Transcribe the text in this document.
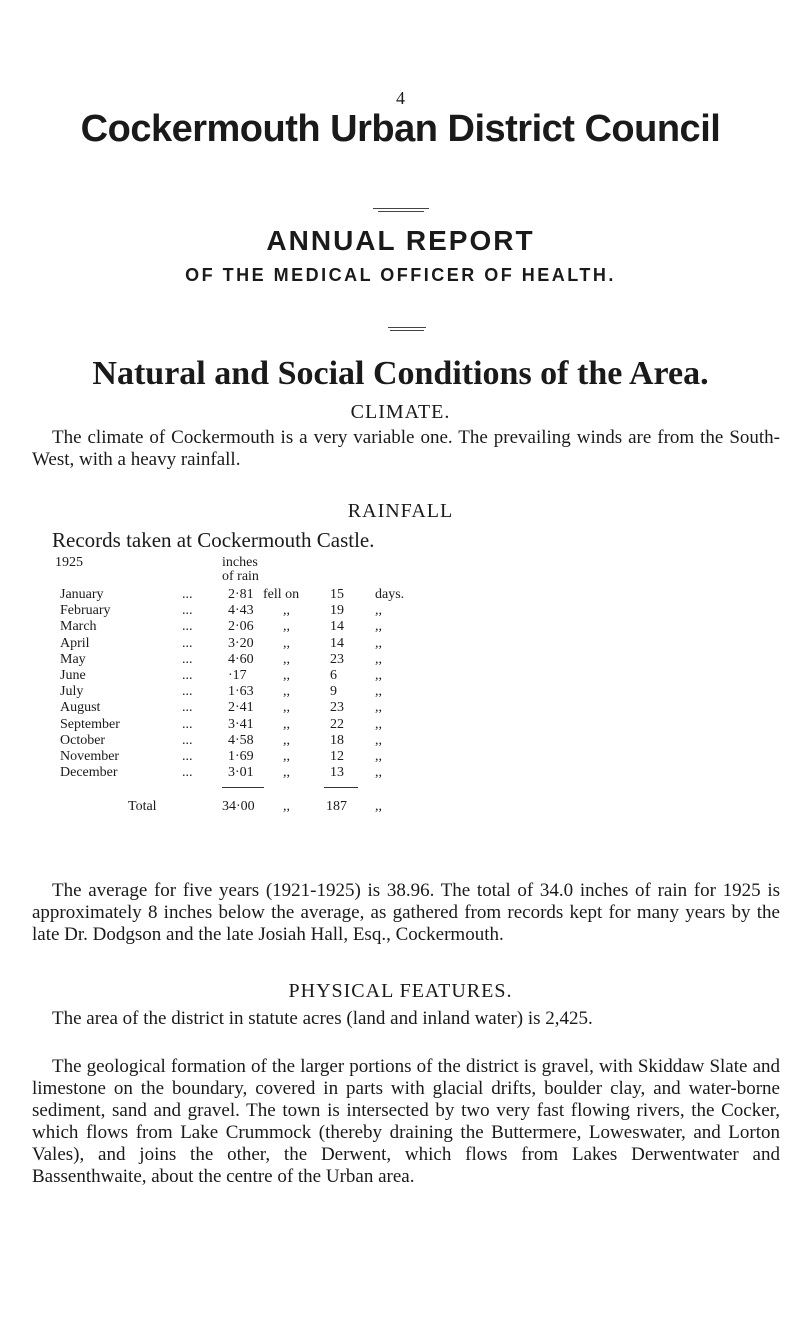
4
Cockermouth Urban District Council
ANNUAL REPORT
OF THE MEDICAL OFFICER OF HEALTH.
Natural and Social Conditions of the Area.
CLIMATE.
The climate of Cockermouth is a very variable one. The prevailing winds are from the South-West, with a heavy rainfall.
RAINFALL
Records taken at Cockermouth Castle.
1925	inches
of rain
January	...	2·81 fell on 15 days.
February	...	4·43 ,,	19 ,,
March	...	2·06 ,,	14 ,,
April	...	3·20 ,,	14 ,,
May	...	4·60 ,,	23 ,,
June	...	·17	,,	6	,,
July	...	1·63 ,,	9	,,
August	...	2·41 ,,	23 ,,
September	...	3·41 ,,	22 ,,
October	...	4·58 ,,	18 ,,
November	...	1·69 ,,	12 ,,
December	...	3·01 ,,	13 ,,
Total	34·00 ,,	187 ,,
The average for five years (1921-1925) is 38.96. The total of 34.0 inches of rain for 1925 is approximately 8 inches below the average, as gathered from records kept for many years by the late Dr. Dodgson and the late Josiah Hall, Esq., Cockermouth.
PHYSICAL FEATURES.
The area of the district in statute acres (land and inland water) is 2,425.
The geological formation of the larger portions of the district is gravel, with Skiddaw Slate and limestone on the boundary, covered in parts with glacial drifts, boulder clay, and water-borne sediment, sand and gravel. The town is intersected by two very fast flowing rivers, the Cocker, which flows from Lake Crummock (thereby draining the Buttermere, Loweswater, and Lorton Vales), and joins the other, the Derwent, which flows from Lakes Derwentwater and Bassenthwaite, about the centre of the Urban area.
